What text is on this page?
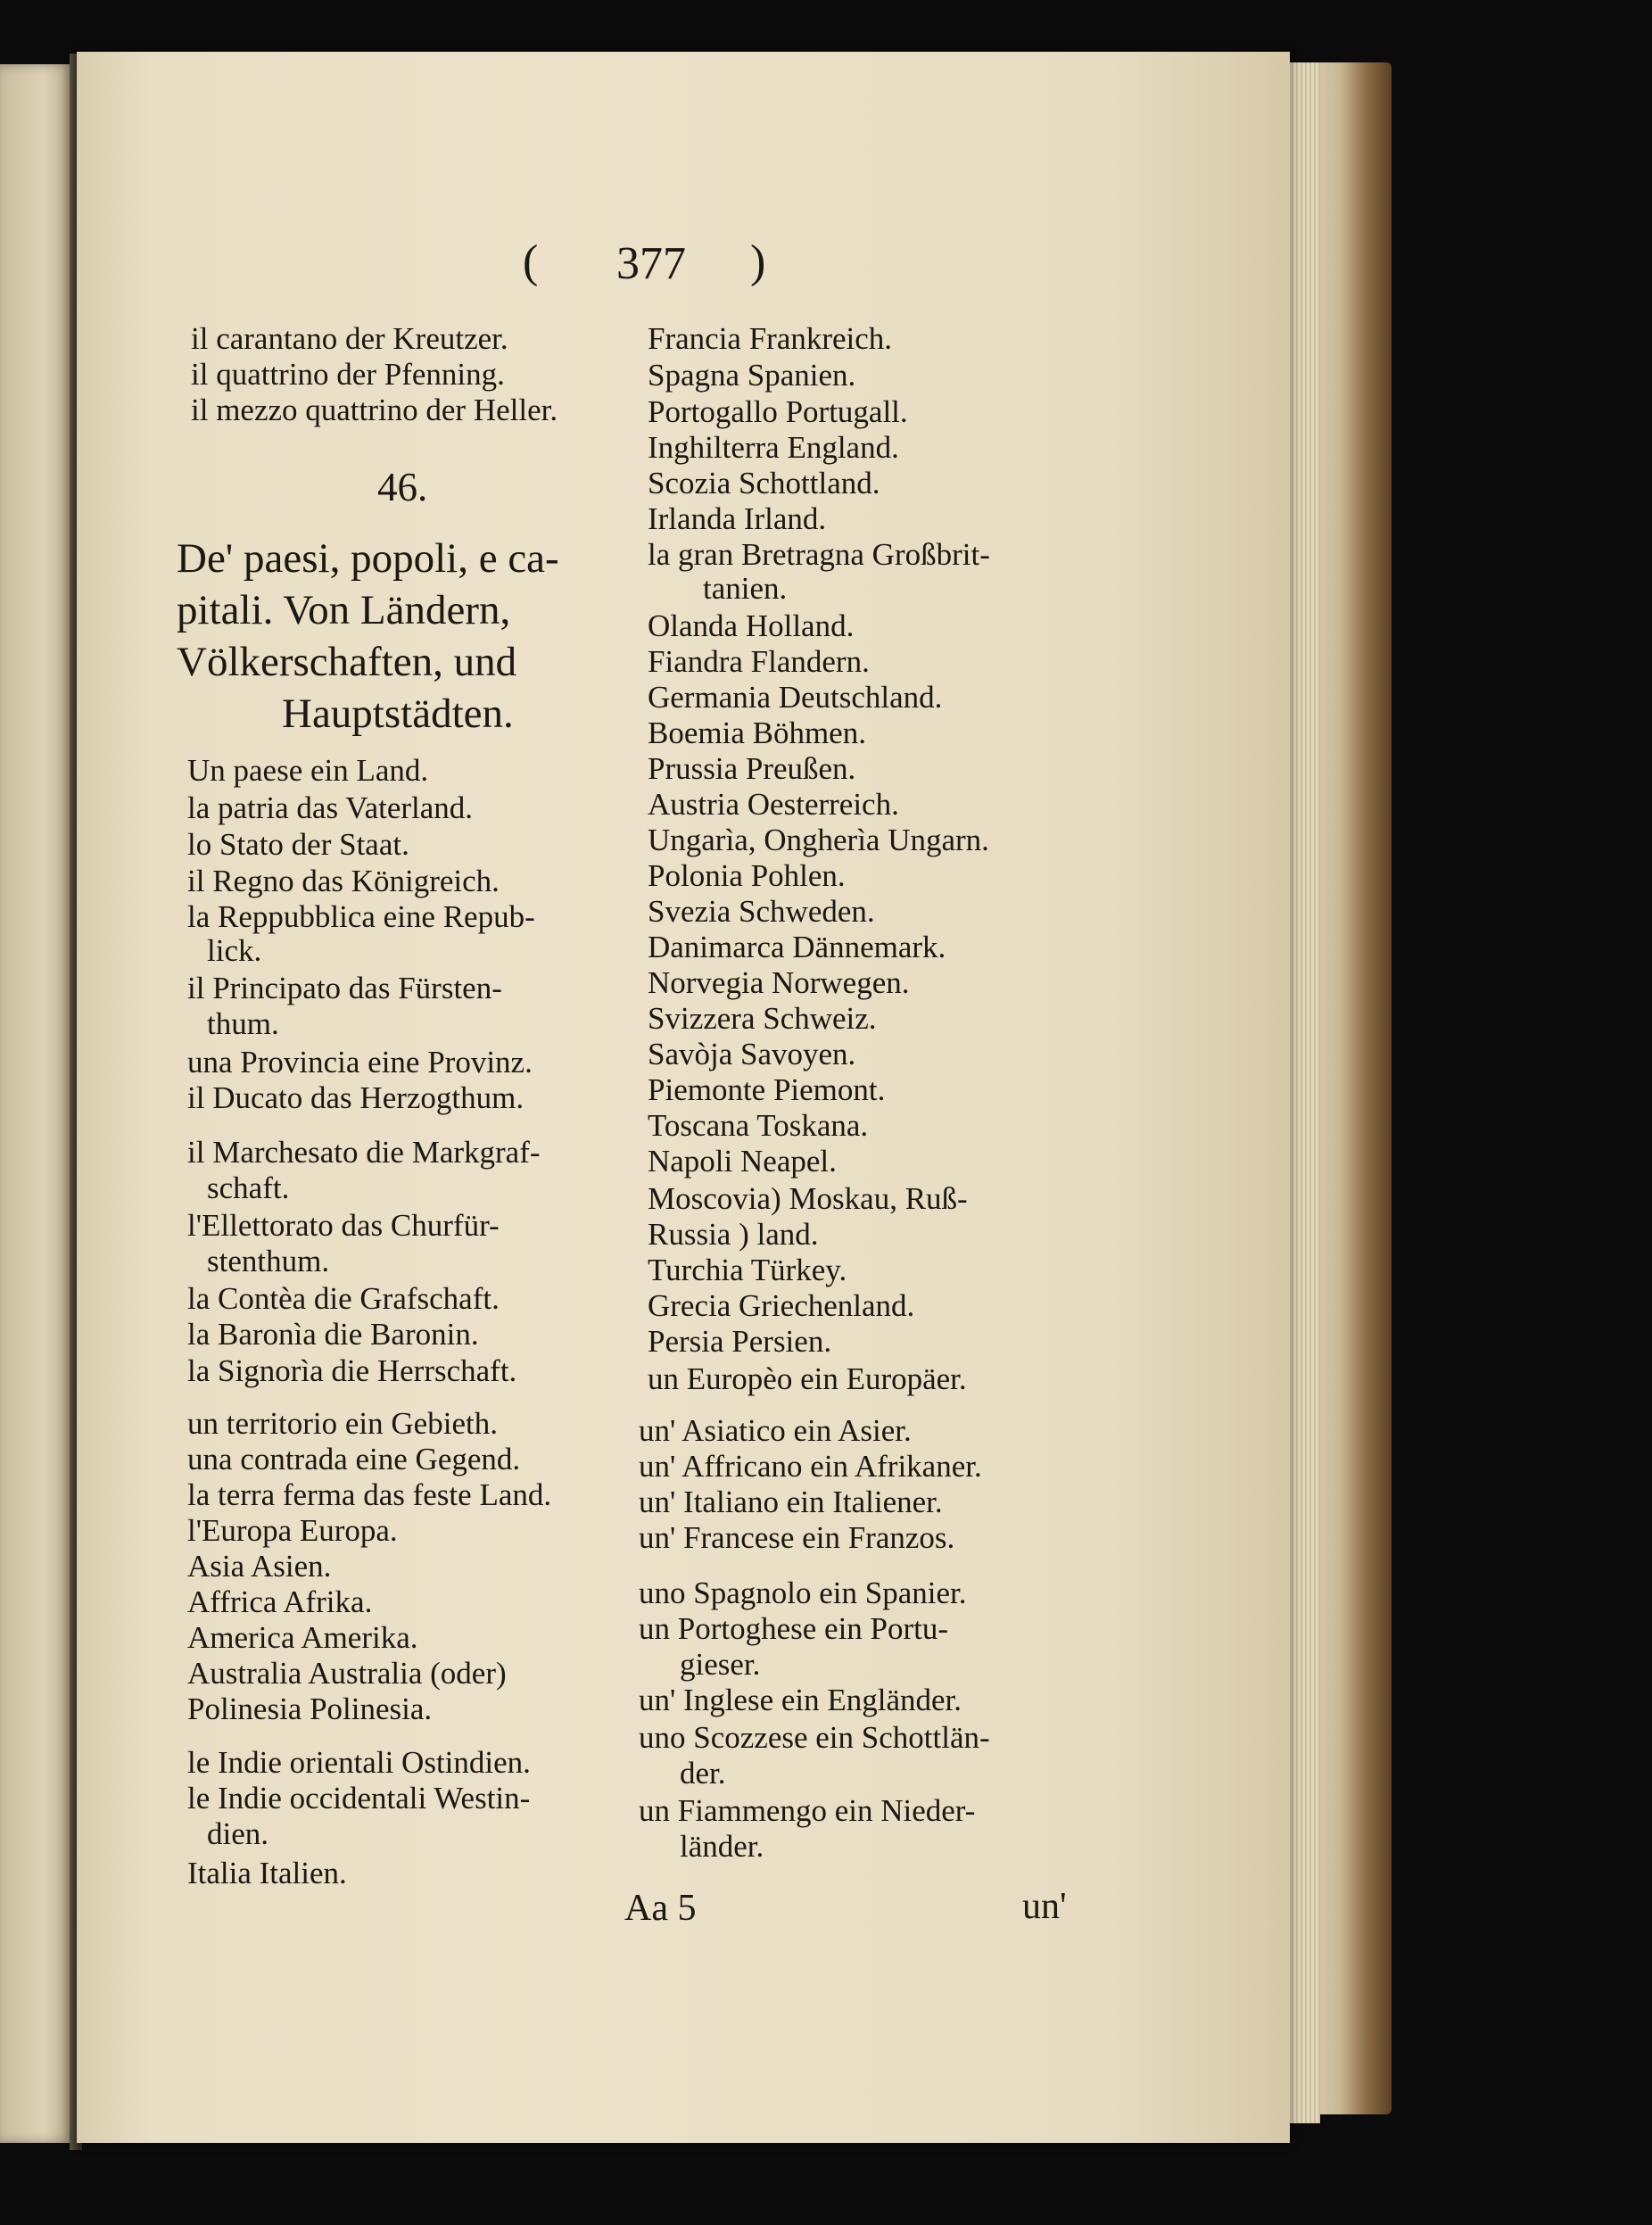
( 377 )
il carantano der Kreutzer.
il quattrino der Pfenning.
il mezzo quattrino der Heller.
46.
De' paesi, popoli, e ca-
pitali. Von Ländern,
Völkerschaften, und
Hauptstädten.
Un paese ein Land.
la patria das Vaterland.
lo Stato der Staat.
il Regno das Königreich.
la Reppubblica eine Repub-
lick.
il Principato das Fürsten-
thum.
una Provincia eine Provinz.
il Ducato das Herzogthum.
il Marchesato die Markgraf-
schaft.
l'Ellettorato das Churfür-
stenthum.
la Contèa die Grafschaft.
la Baronìa die Baronin.
la Signorìa die Herrschaft.
un territorio ein Gebieth.
una contrada eine Gegend.
la terra ferma das feste Land.
l'Europa Europa.
Asia Asien.
Affrica Afrika.
America Amerika.
Australia Australia (oder)
Polinesia Polinesia.
le Indie orientali Ostindien.
le Indie occidentali Westin-
dien.
Italia Italien.
Francia Frankreich.
Spagna Spanien.
Portogallo Portugall.
Inghilterra England.
Scozia Schottland.
Irlanda Irland.
la gran Bretragna Großbrit-
tanien.
Olanda Holland.
Fiandra Flandern.
Germania Deutschland.
Boemia Böhmen.
Prussia Preußen.
Austria Oesterreich.
Ungarìa, Ongherìa Ungarn.
Polonia Pohlen.
Svezia Schweden.
Danimarca Dännemark.
Norvegia Norwegen.
Svizzera Schweiz.
Savòja Savoyen.
Piemonte Piemont.
Toscana Toskana.
Napoli Neapel.
Moscovia) Moskau, Ruß-
Russia ) land.
Turchia Türkey.
Grecia Griechenland.
Persia Persien.
un Europèo ein Europäer.
un' Asiatico ein Asier.
un' Affricano ein Afrikaner.
un' Italiano ein Italiener.
un' Francese ein Franzos.
uno Spagnolo ein Spanier.
un Portoghese ein Portu-
gieser.
un' Inglese ein Engländer.
uno Scozzese ein Schottlän-
der.
un Fiammengo ein Nieder-
länder.
Aa 5	un'
